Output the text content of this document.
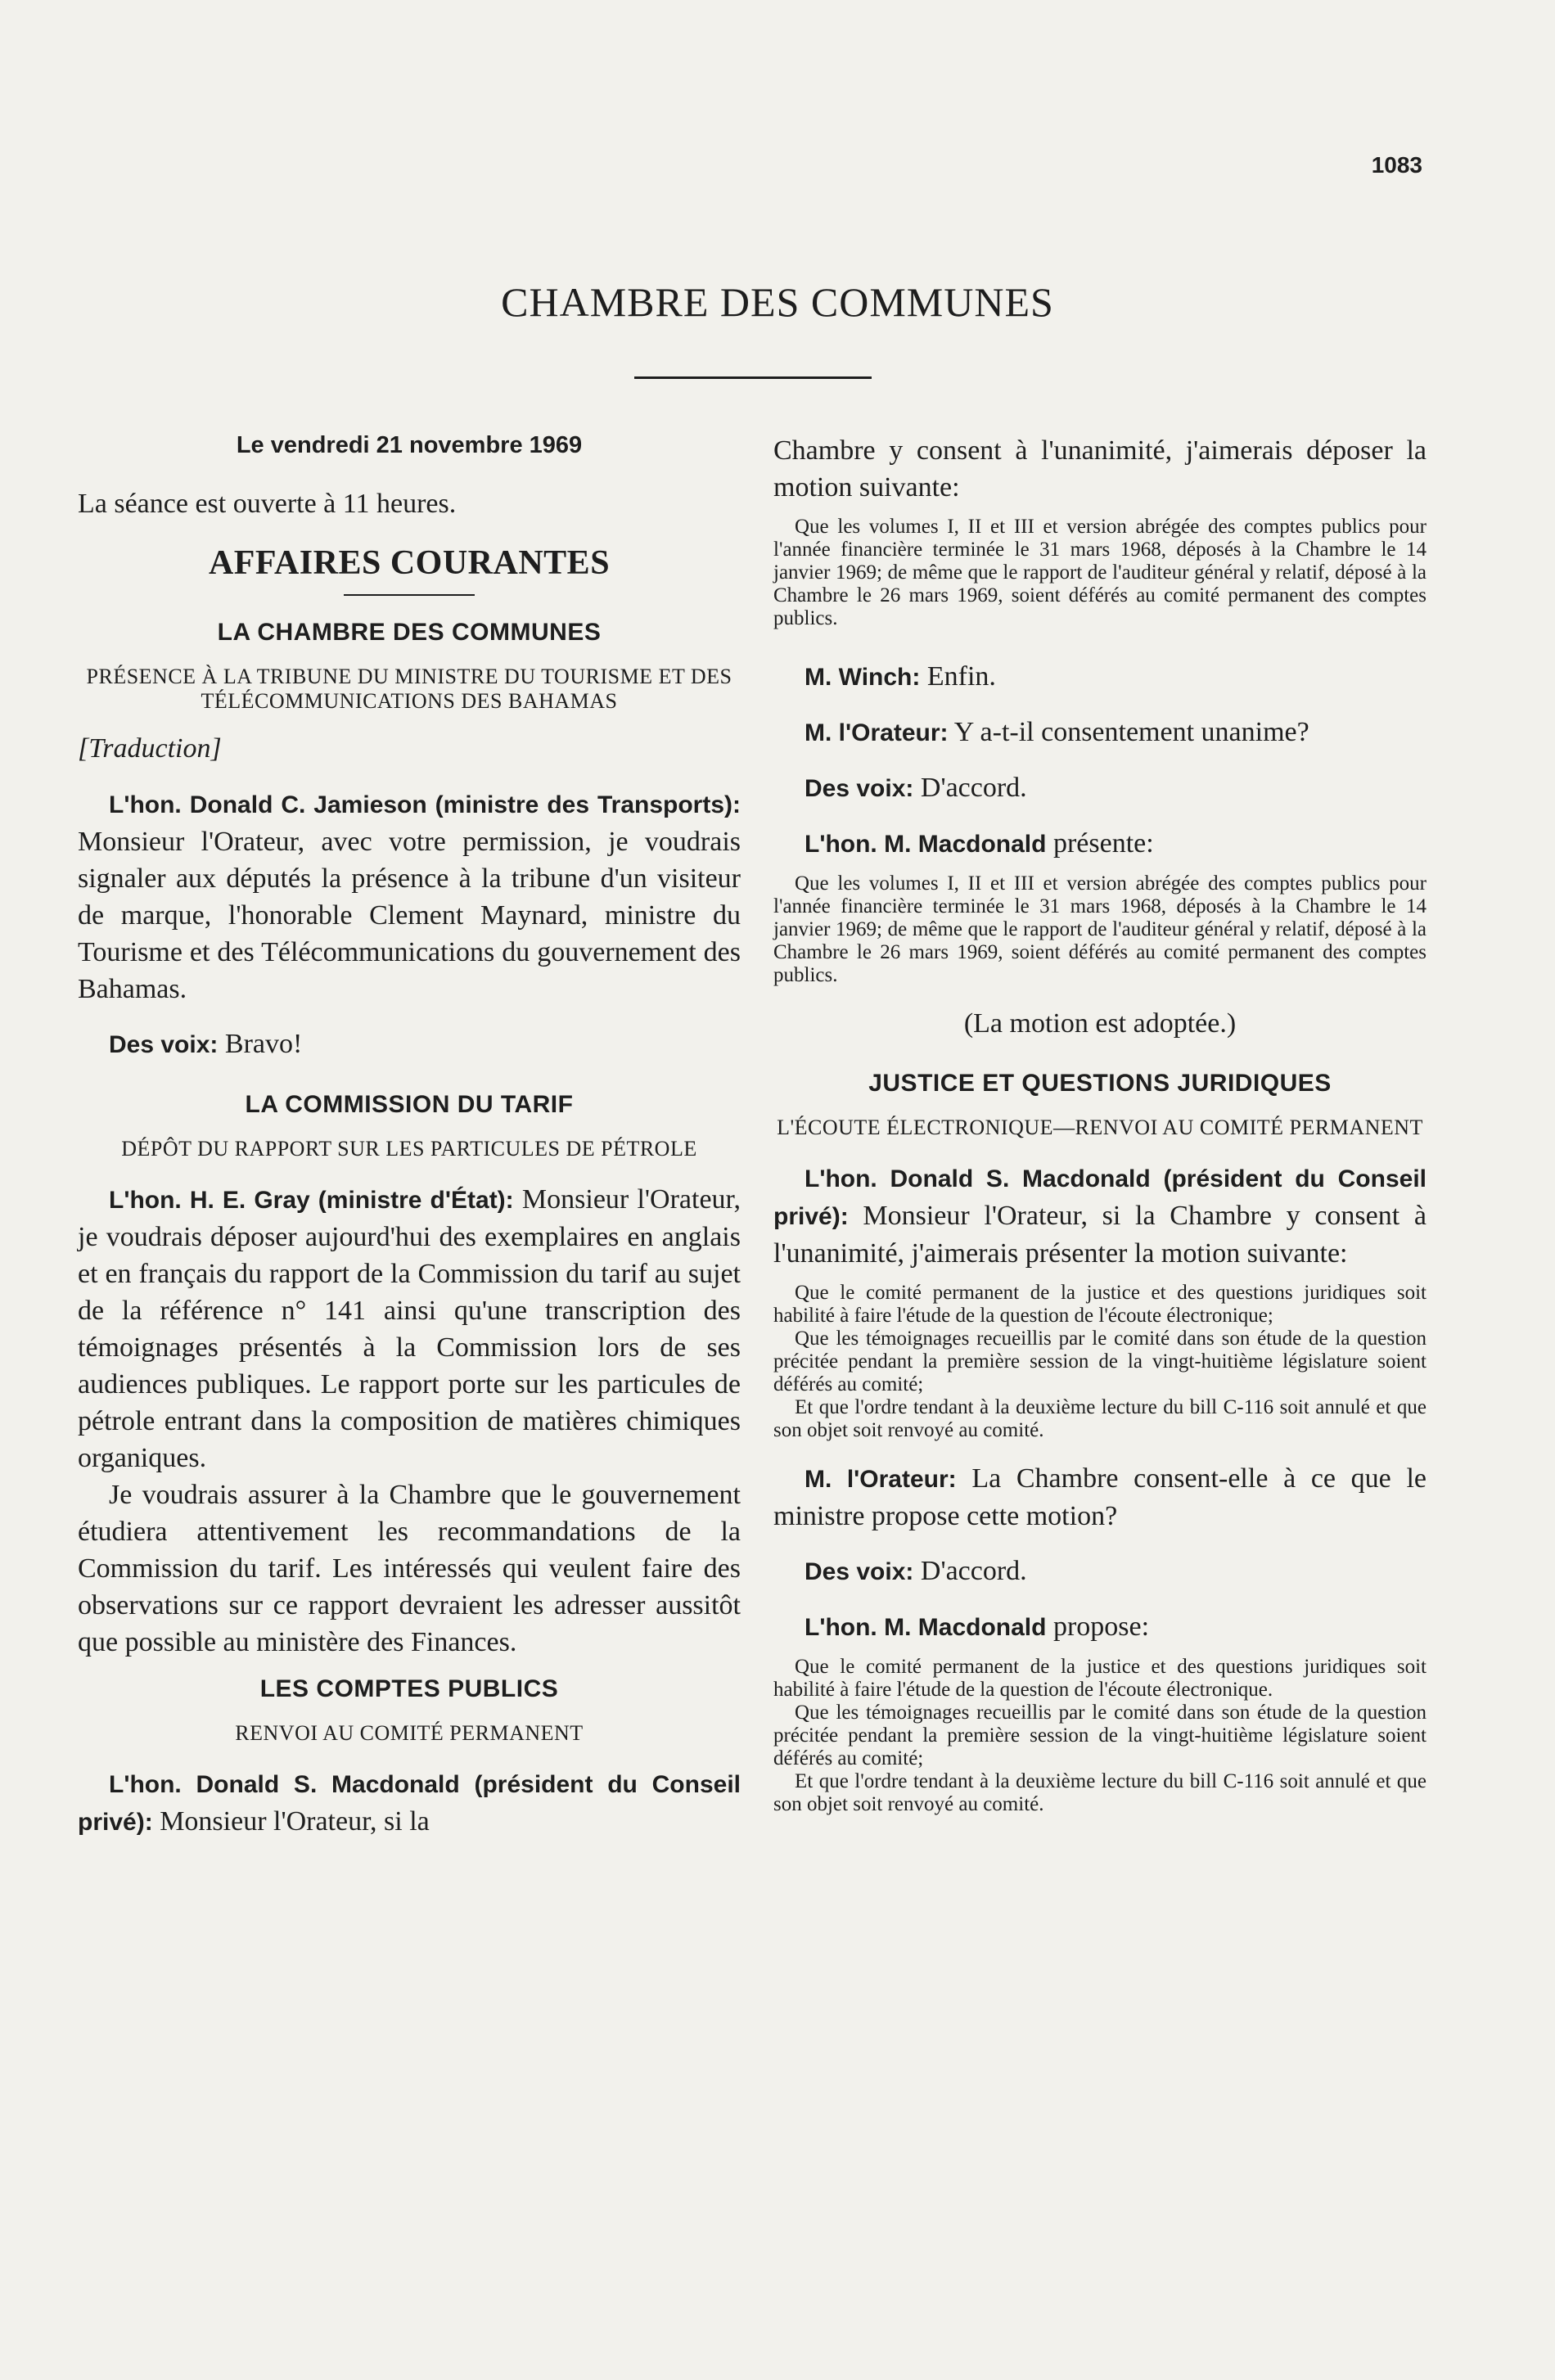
1083
CHAMBRE DES COMMUNES

Le vendredi 21 novembre 1969

La séance est ouverte à 11 heures.

AFFAIRES COURANTES
LA CHAMBRE DES COMMUNES
PRÉSENCE À LA TRIBUNE DU MINISTRE DU TOURISME ET DES TÉLÉCOMMUNICATIONS DES BAHAMAS

[Traduction]

L'hon. Donald C. Jamieson (ministre des Transports): Monsieur l'Orateur, avec votre permission, je voudrais signaler aux députés la présence à la tribune d'un visiteur de marque, l'honorable Clement Maynard, ministre du Tourisme et des Télécommunications du gouvernement des Bahamas.

Des voix: Bravo!

LA COMMISSION DU TARIF
DÉPÔT DU RAPPORT SUR LES PARTICULES DE PÉTROLE

L'hon. H. E. Gray (ministre d'État): Monsieur l'Orateur, je voudrais déposer aujourd'hui des exemplaires en anglais et en français du rapport de la Commission du tarif au sujet de la référence n° 141 ainsi qu'une transcription des témoignages présentés à la Commission lors de ses audiences publiques. Le rapport porte sur les particules de pétrole entrant dans la composition de matières chimiques organiques.

Je voudrais assurer à la Chambre que le gouvernement étudiera attentivement les recommandations de la Commission du tarif. Les intéressés qui veulent faire des observations sur ce rapport devraient les adresser aussitôt que possible au ministère des Finances.

LES COMPTES PUBLICS
RENVOI AU COMITÉ PERMANENT

L'hon. Donald S. Macdonald (président du Conseil privé): Monsieur l'Orateur, si la

Chambre y consent à l'unanimité, j'aimerais déposer la motion suivante:

Que les volumes I, II et III et version abrégée des comptes publics pour l'année financière terminée le 31 mars 1968, déposés à la Chambre le 14 janvier 1969; de même que le rapport de l'auditeur général y relatif, déposé à la Chambre le 26 mars 1969, soient déférés au comité permanent des comptes publics.

M. Winch: Enfin.

M. l'Orateur: Y a-t-il consentement unanime?

Des voix: D'accord.

L'hon. M. Macdonald présente:

Que les volumes I, II et III et version abrégée des comptes publics pour l'année financière terminée le 31 mars 1968, déposés à la Chambre le 14 janvier 1969; de même que le rapport de l'auditeur général y relatif, déposé à la Chambre le 26 mars 1969, soient déférés au comité permanent des comptes publics.

(La motion est adoptée.)

JUSTICE ET QUESTIONS JURIDIQUES
L'ÉCOUTE ÉLECTRONIQUE—RENVOI AU COMITÉ PERMANENT

L'hon. Donald S. Macdonald (président du Conseil privé): Monsieur l'Orateur, si la Chambre y consent à l'unanimité, j'aimerais présenter la motion suivante:

Que le comité permanent de la justice et des questions juridiques soit habilité à faire l'étude de la question de l'écoute électronique;

Que les témoignages recueillis par le comité dans son étude de la question précitée pendant la première session de la vingt-huitième législature soient déférés au comité;

Et que l'ordre tendant à la deuxième lecture du bill C-116 soit annulé et que son objet soit renvoyé au comité.

M. l'Orateur: La Chambre consent-elle à ce que le ministre propose cette motion?

Des voix: D'accord.

L'hon. M. Macdonald propose:

Que le comité permanent de la justice et des questions juridiques soit habilité à faire l'étude de la question de l'écoute électronique.

Que les témoignages recueillis par le comité dans son étude de la question précitée pendant la première session de la vingt-huitième législature soient déférés au comité;

Et que l'ordre tendant à la deuxième lecture du bill C-116 soit annulé et que son objet soit renvoyé au comité.
